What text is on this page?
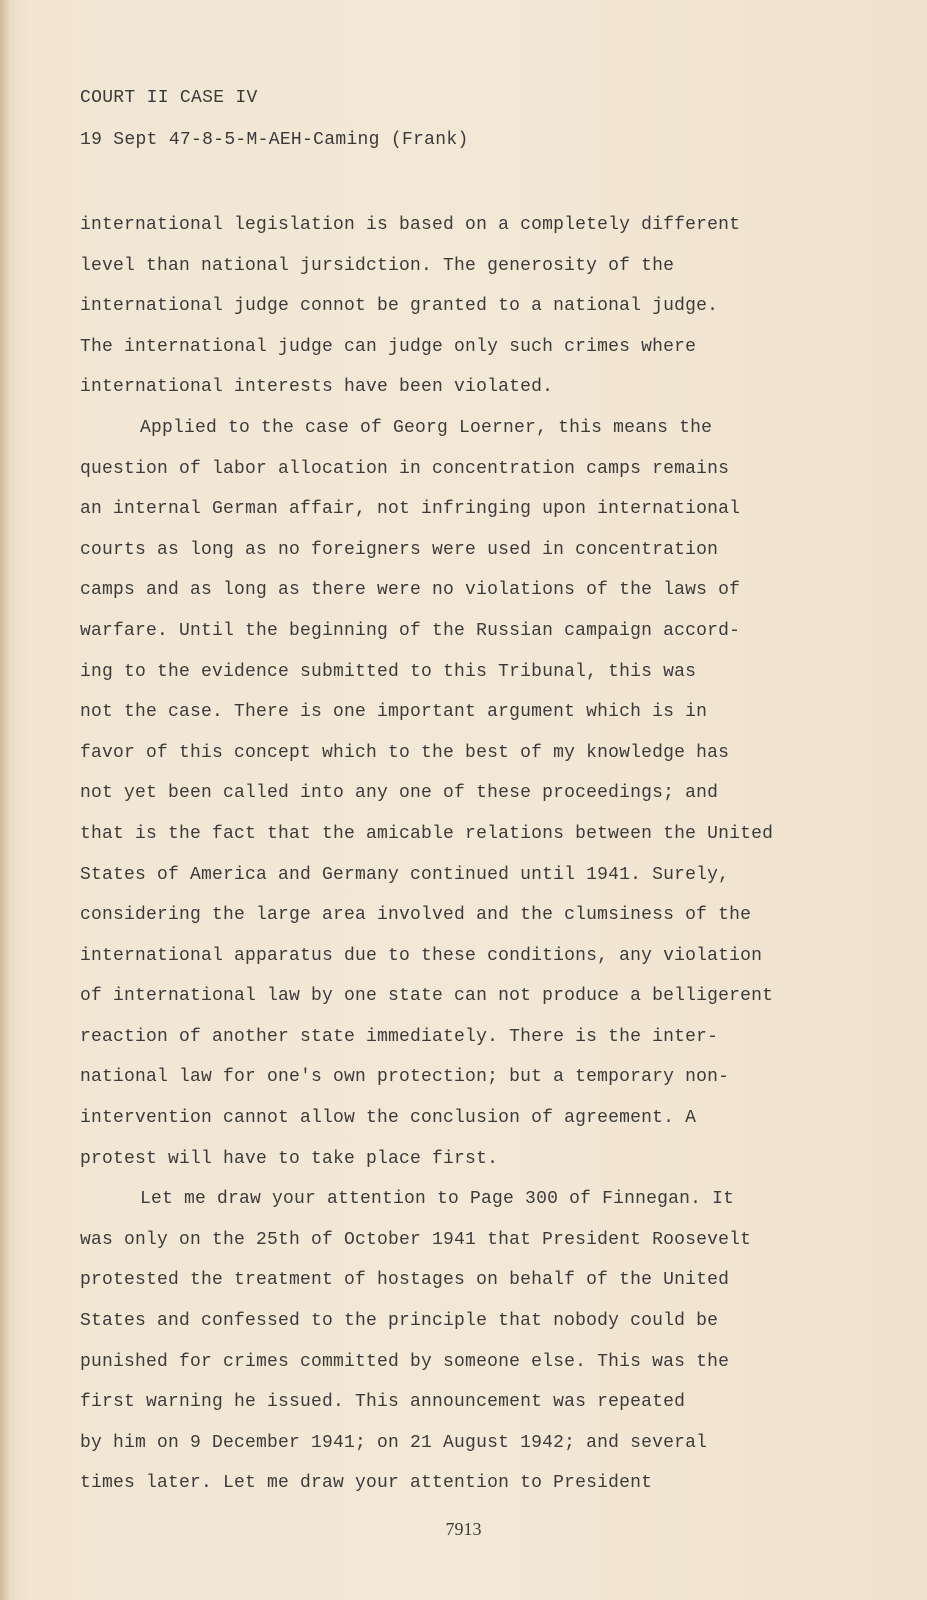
COURT II CASE IV
19 Sept 47-8-5-M-AEH-Caming (Frank)
international legislation is based on a completely different
level than national jursidction. The generosity of the
international judge connot be granted to a national judge.
The international judge can judge only such crimes where
international interests have been violated.
Applied to the case of Georg Loerner, this means the
question of labor allocation in concentration camps remains
an internal German affair, not infringing upon international
courts as long as no foreigners were used in concentration
camps and as long as there were no violations of the laws of
warfare. Until the beginning of the Russian campaign accord-
ing to the evidence submitted to this Tribunal, this was
not the case. There is one important argument which is in
favor of this concept which to the best of my knowledge has
not yet been called into any one of these proceedings; and
that is the fact that the amicable relations between the United
States of America and Germany continued until 1941. Surely,
considering the large area involved and the clumsiness of the
international apparatus due to these conditions, any violation
of international law by one state can not produce a belligerent
reaction of another state immediately. There is the inter-
national law for one's own protection; but a temporary non-
intervention cannot allow the conclusion of agreement. A
protest will have to take place first.
Let me draw your attention to Page 300 of Finnegan. It
was only on the 25th of October 1941 that President Roosevelt
protested the treatment of hostages on behalf of the United
States and confessed to the principle that nobody could be
punished for crimes committed by someone else. This was the
first warning he issued. This announcement was repeated
by him on 9 December 1941; on 21 August 1942; and several
times later. Let me draw your attention to President
7913
